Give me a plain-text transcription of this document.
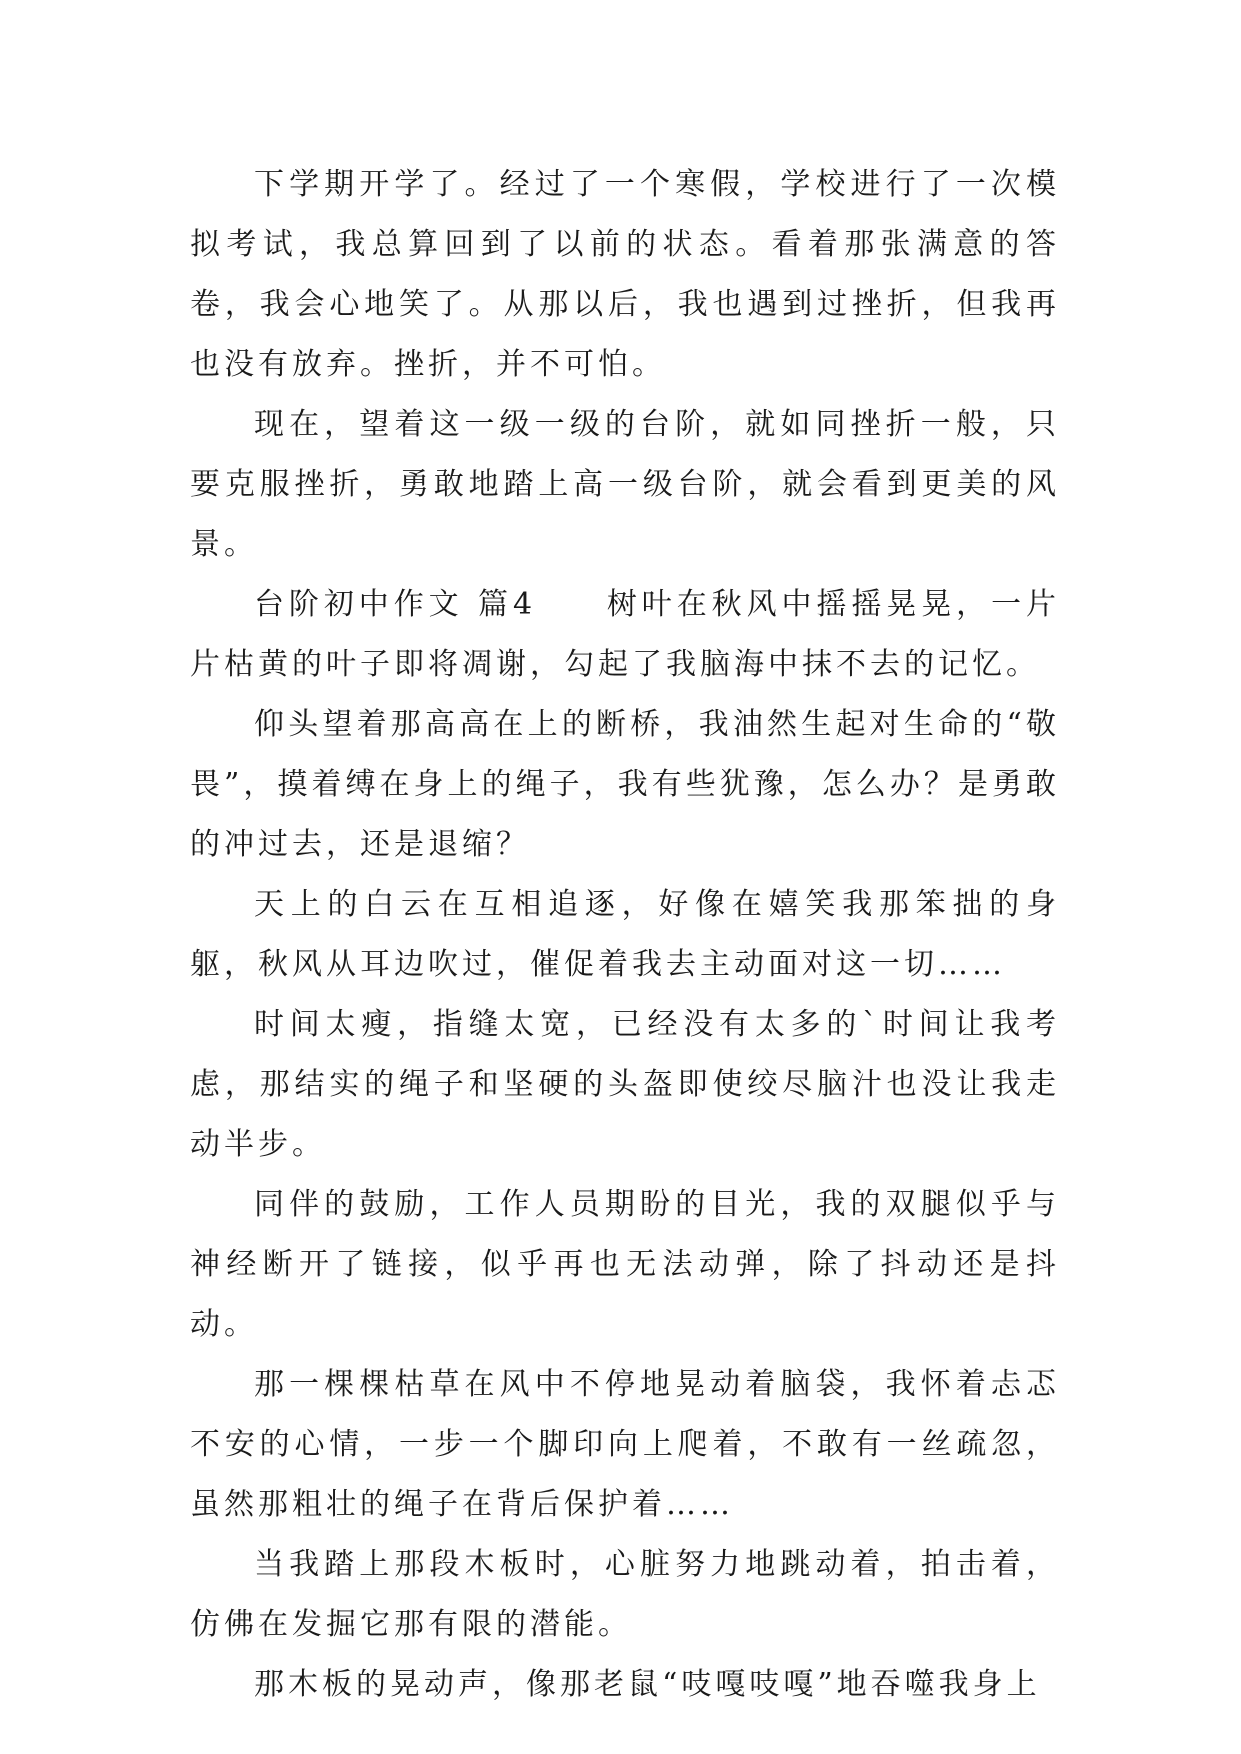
下学期开学了。经过了一个寒假，学校进行了一次模拟考试，我总算回到了以前的状态。看着那张满意的答卷，我会心地笑了。从那以后，我也遇到过挫折，但我再也没有放弃。挫折，并不可怕。

现在，望着这一级一级的台阶，就如同挫折一般，只要克服挫折，勇敢地踏上高一级台阶，就会看到更美的风景。

台阶初中作文 篇4　　树叶在秋风中摇摇晃晃，一片片枯黄的叶子即将凋谢，勾起了我脑海中抹不去的记忆。

仰头望着那高高在上的断桥，我油然生起对生命的“敬畏”，摸着缚在身上的绳子，我有些犹豫，怎么办？是勇敢的冲过去，还是退缩？

天上的白云在互相追逐，好像在嬉笑我那笨拙的身躯，秋风从耳边吹过，催促着我去主动面对这一切……

时间太瘦，指缝太宽，已经没有太多的`时间让我考虑，那结实的绳子和坚硬的头盔即使绞尽脑汁也没让我走动半步。

同伴的鼓励，工作人员期盼的目光，我的双腿似乎与神经断开了链接，似乎再也无法动弹，除了抖动还是抖动。

那一棵棵枯草在风中不停地晃动着脑袋，我怀着忐忑不安的心情，一步一个脚印向上爬着，不敢有一丝疏忽，虽然那粗壮的绳子在背后保护着……

当我踏上那段木板时，心脏努力地跳动着，拍击着，仿佛在发掘它那有限的潜能。

那木板的晃动声，像那老鼠“吱嘎吱嘎”地吞噬我身上
